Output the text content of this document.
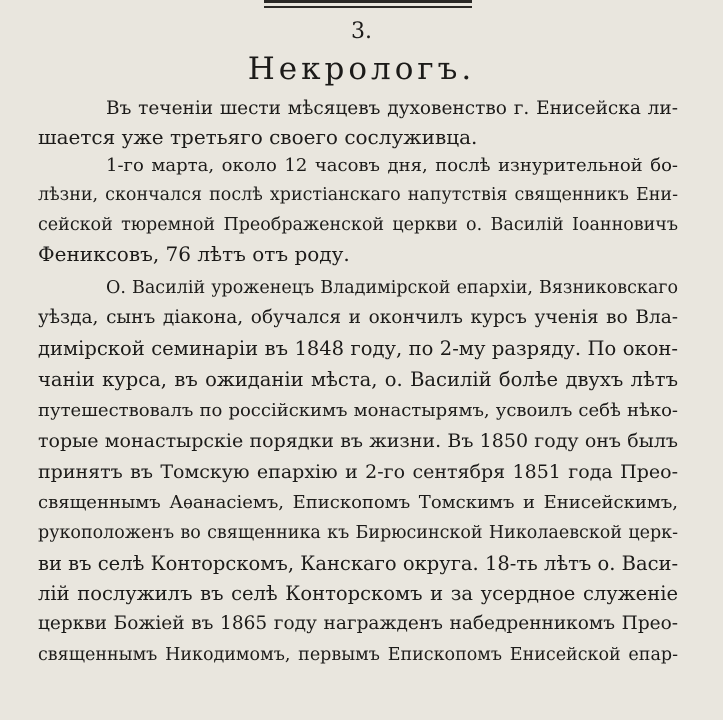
3.
Некрологъ.
Въ теченіи шести мѣсяцевъ духовенство г. Енисейска ли-
шается уже третьяго своего сослуживца.
1-го марта, около 12 часовъ дня, послѣ изнурительной бо-
лѣзни, скончался послѣ христіанскаго напутствія священникъ Ени-
сейской тюремной Преображенской церкви о. Василій Іоанновичъ
Фениксовъ, 76 лѣтъ отъ роду.
О. Василій уроженецъ Владимірской епархіи, Вязниковскаго
уѣзда, сынъ діакона, обучался и окончилъ курсъ ученія во Вла-
димірской семинаріи въ 1848 году, по 2-му разряду. По окон-
чаніи курса, въ ожиданіи мѣста, о. Василій болѣе двухъ лѣтъ
путешествовалъ по россійскимъ монастырямъ, усвоилъ себѣ нѣко-
торые монастырскіе порядки въ жизни. Въ 1850 году онъ былъ
принятъ въ Томскую епархію и 2-го сентября 1851 года Прео-
священнымъ Аѳанасіемъ, Епископомъ Томскимъ и Енисейскимъ,
рукоположенъ во священника къ Бирюсинской Николаевской церк-
ви въ селѣ Конторскомъ, Канскаго округа. 18-ть лѣтъ о. Васи-
лій послужилъ въ селѣ Конторскомъ и за усердное служеніе
церкви Божіей въ 1865 году награжденъ набедренникомъ Прео-
священнымъ Никодимомъ, первымъ Епископомъ Енисейской епар-
